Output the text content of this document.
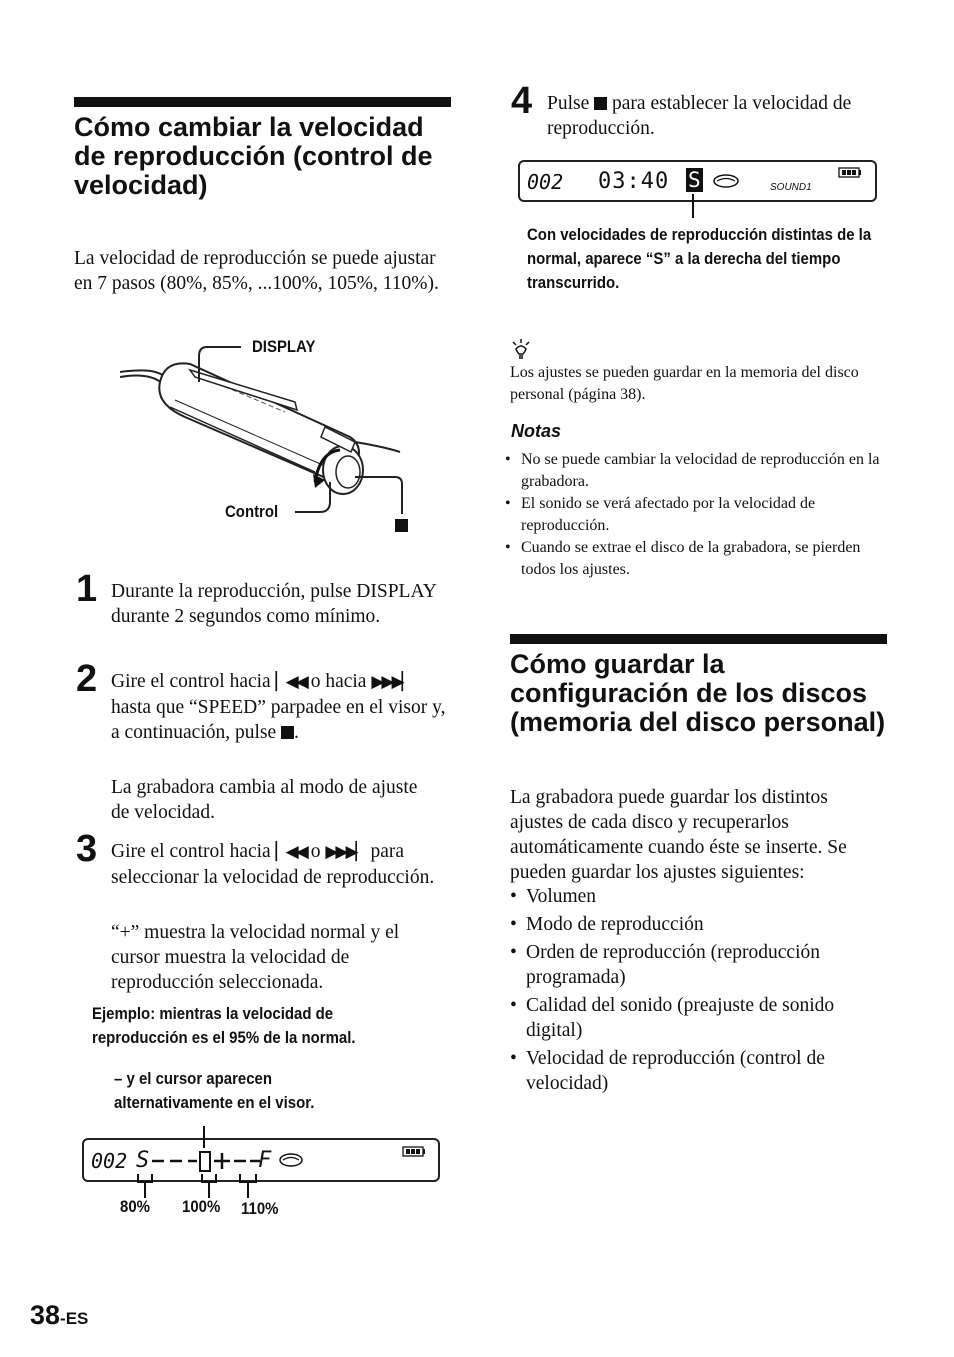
Cómo cambiar la velocidad de reproducción (control de velocidad)

La velocidad de reproducción se puede ajustar en 7 pasos (80%, 85%, ...100%, 105%, 110%).

DISPLAY
Control
1 Durante la reproducción, pulse DISPLAY durante 2 segundos como mínimo.

2 Gire el control hacia ▏◀◀ o hacia ▶▶▶▏ hasta que “SPEED” parpadee en el visor y, a continuación, pulse .

La grabadora cambia al modo de ajuste de velocidad.

3 Gire el control hacia ▏◀◀ o ▶▶▶▏ para seleccionar la velocidad de reproducción.

“+” muestra la velocidad normal y el cursor muestra la velocidad de reproducción seleccionada.

Ejemplo: mientras la velocidad de reproducción es el 95% de la normal.

– y el cursor aparecen alternativamente en el visor.

002 S	F
80% 100% 110%
4 Pulse para establecer la velocidad de reproducción.

002 03:40 S	SOUND1

Con velocidades de reproducción distintas de la normal, aparece “S” a la derecha del tiempo transcurrido.

Los ajustes se pueden guardar en la memoria del disco personal (página 38).

Notas

• No se puede cambiar la velocidad de reproducción en la grabadora.
• El sonido se verá afectado por la velocidad de reproducción.
• Cuando se extrae el disco de la grabadora, se pierden todos los ajustes.
Cómo guardar la configuración de los discos (memoria del disco personal)

La grabadora puede guardar los distintos ajustes de cada disco y recuperarlos automáticamente cuando éste se inserte. Se pueden guardar los ajustes siguientes:

• Volumen
• Modo de reproducción
• Orden de reproducción (reproducción programada)
• Calidad del sonido (preajuste de sonido digital)
• Velocidad de reproducción (control de velocidad)
38-ES
